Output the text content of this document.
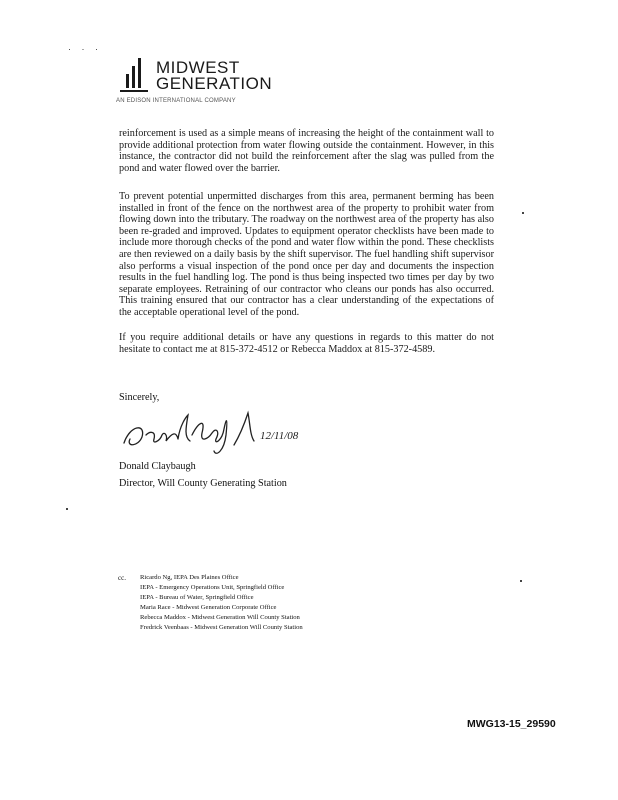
· · ·
MIDWEST
GENERATION
AN EDISON INTERNATIONAL COMPANY
reinforcement is used as a simple means of increasing the height of the containment wall to provide additional protection from water flowing outside the containment. However, in this instance, the contractor did not build the reinforcement after the slag was pulled from the pond and water flowed over the barrier.
To prevent potential unpermitted discharges from this area, permanent berming has been installed in front of the fence on the northwest area of the property to prohibit water from flowing down into the tributary. The roadway on the northwest area of the property has also been re-graded and improved. Updates to equipment operator checklists have been made to include more thorough checks of the pond and water flow within the pond. These checklists are then reviewed on a daily basis by the shift supervisor. The fuel handling shift supervisor also performs a visual inspection of the pond once per day and documents the inspection results in the fuel handling log. The pond is thus being inspected two times per day by two separate employees. Retraining of our contractor who cleans our ponds has also occurred. This training ensured that our contractor has a clear understanding of the expectations of the acceptable operational level of the pond.
If you require additional details or have any questions in regards to this matter do not hesitate to contact me at 815-372-4512 or Rebecca Maddox at 815-372-4589.
Sincerely,
12/11/08
Donald Claybaugh
Director, Will County Generating Station
cc. Ricardo Ng, IEPA Des Plaines Office
IEPA - Emergency Operations Unit, Springfield Office
IEPA - Bureau of Water, Springfield Office
Maria Race - Midwest Generation Corporate Office
Rebecca Maddox - Midwest Generation Will County Station
Fredrick Veenbaas - Midwest Generation Will County Station
MWG13-15_29590
